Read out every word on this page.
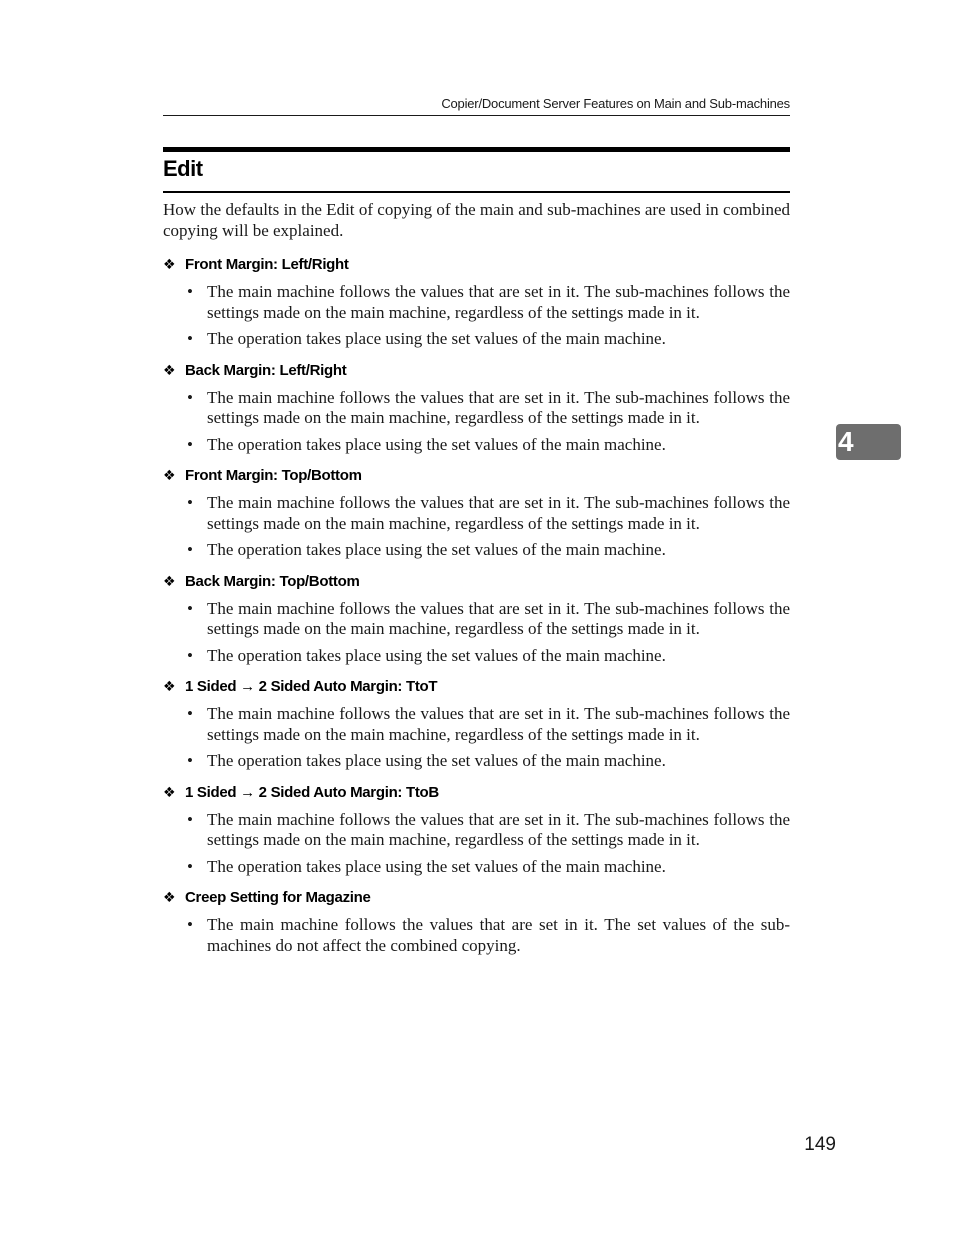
Copier/Document Server Features on Main and Sub-machines
Edit

How the defaults in the Edit of copying of the main and sub-machines are used in combined copying will be explained.

❖ Front Margin: Left/Right
• The main machine follows the values that are set in it. The sub-machines follows the settings made on the main machine, regardless of the settings made in it.
• The operation takes place using the set values of the main machine.
❖ Back Margin: Left/Right
• The main machine follows the values that are set in it. The sub-machines follows the settings made on the main machine, regardless of the settings made in it.
• The operation takes place using the set values of the main machine.
❖ Front Margin: Top/Bottom
• The main machine follows the values that are set in it. The sub-machines follows the settings made on the main machine, regardless of the settings made in it.
• The operation takes place using the set values of the main machine.
❖ Back Margin: Top/Bottom
• The main machine follows the values that are set in it. The sub-machines follows the settings made on the main machine, regardless of the settings made in it.
• The operation takes place using the set values of the main machine.
❖ 1 Sided → 2 Sided Auto Margin: TtoT
• The main machine follows the values that are set in it. The sub-machines follows the settings made on the main machine, regardless of the settings made in it.
• The operation takes place using the set values of the main machine.
❖ 1 Sided → 2 Sided Auto Margin: TtoB
• The main machine follows the values that are set in it. The sub-machines follows the settings made on the main machine, regardless of the settings made in it.
• The operation takes place using the set values of the main machine.
❖ Creep Setting for Magazine
• The main machine follows the values that are set in it. The set values of the sub-machines do not affect the combined copying.
4
149
